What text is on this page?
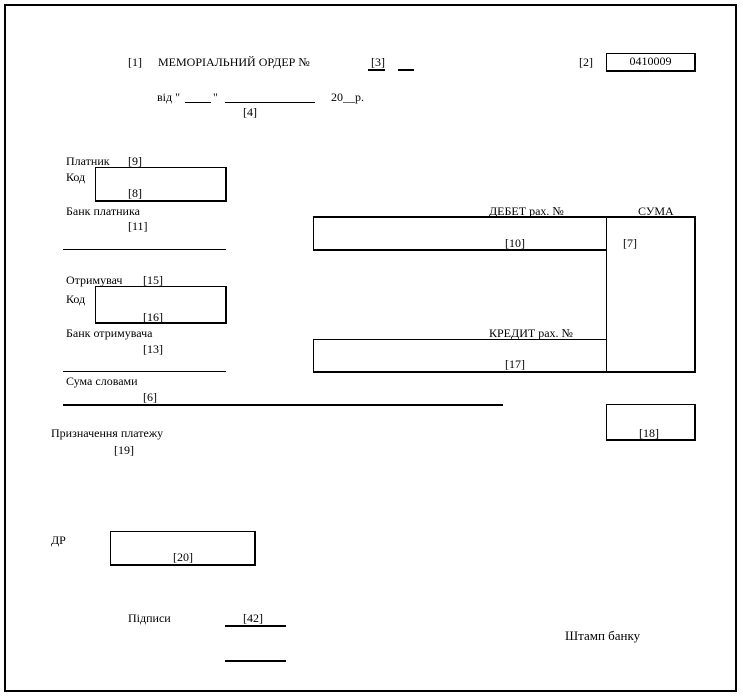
[1] МЕМОРІАЛЬНИЙ ОРДЕР №	[3]	[2]	0410009
від "	"	20__р.
[4]
Платник [9]
Код
[8]
Банк платника
[11]
ДЕБЕТ рах. №	СУМА
[10]	[7]
Отримувач [15]
Код
[16]
Банк отримувача
[13]
КРЕДИТ рах. №
[17]
Сума словами
[6]
[18]
Призначення платежу
[19]
ДР
[20]
Підписи	[42]
Штамп банку
